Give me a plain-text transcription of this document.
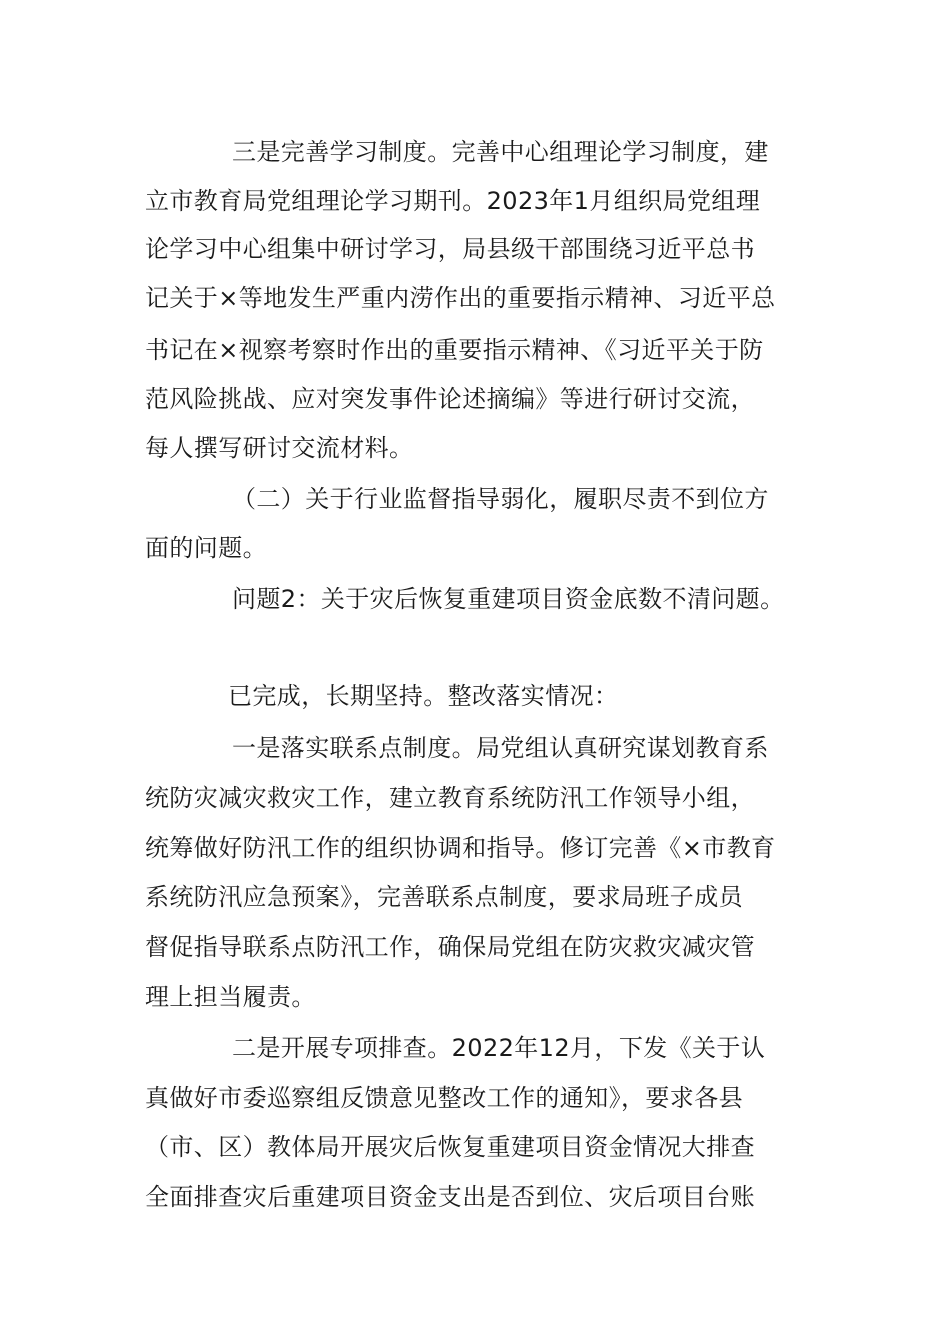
三是完善学习制度。完善中心组理论学习制度，建
立市教育局党组理论学习期刊。2023年1月组织局党组理
论学习中心组集中研讨学习，局县级干部围绕习近平总书
记关于×等地发生严重内涝作出的重要指示精神、习近平总
书记在×视察考察时作出的重要指示精神、《习近平关于防
范风险挑战、应对突发事件论述摘编》等进行研讨交流，
每人撰写研讨交流材料。
（二）关于行业监督指导弱化，履职尽责不到位方
面的问题。
问题2：关于灾后恢复重建项目资金底数不清问题。
已完成，长期坚持。整改落实情况：
一是落实联系点制度。局党组认真研究谋划教育系
统防灾减灾救灾工作，建立教育系统防汛工作领导小组，
统筹做好防汛工作的组织协调和指导。修订完善《×市教育
系统防汛应急预案》，完善联系点制度，要求局班子成员
督促指导联系点防汛工作，确保局党组在防灾救灾减灾管
理上担当履责。
二是开展专项排查。2022年12月，下发《关于认
真做好市委巡察组反馈意见整改工作的通知》，要求各县
（市、区）教体局开展灾后恢复重建项目资金情况大排查
全面排查灾后重建项目资金支出是否到位、灾后项目台账
